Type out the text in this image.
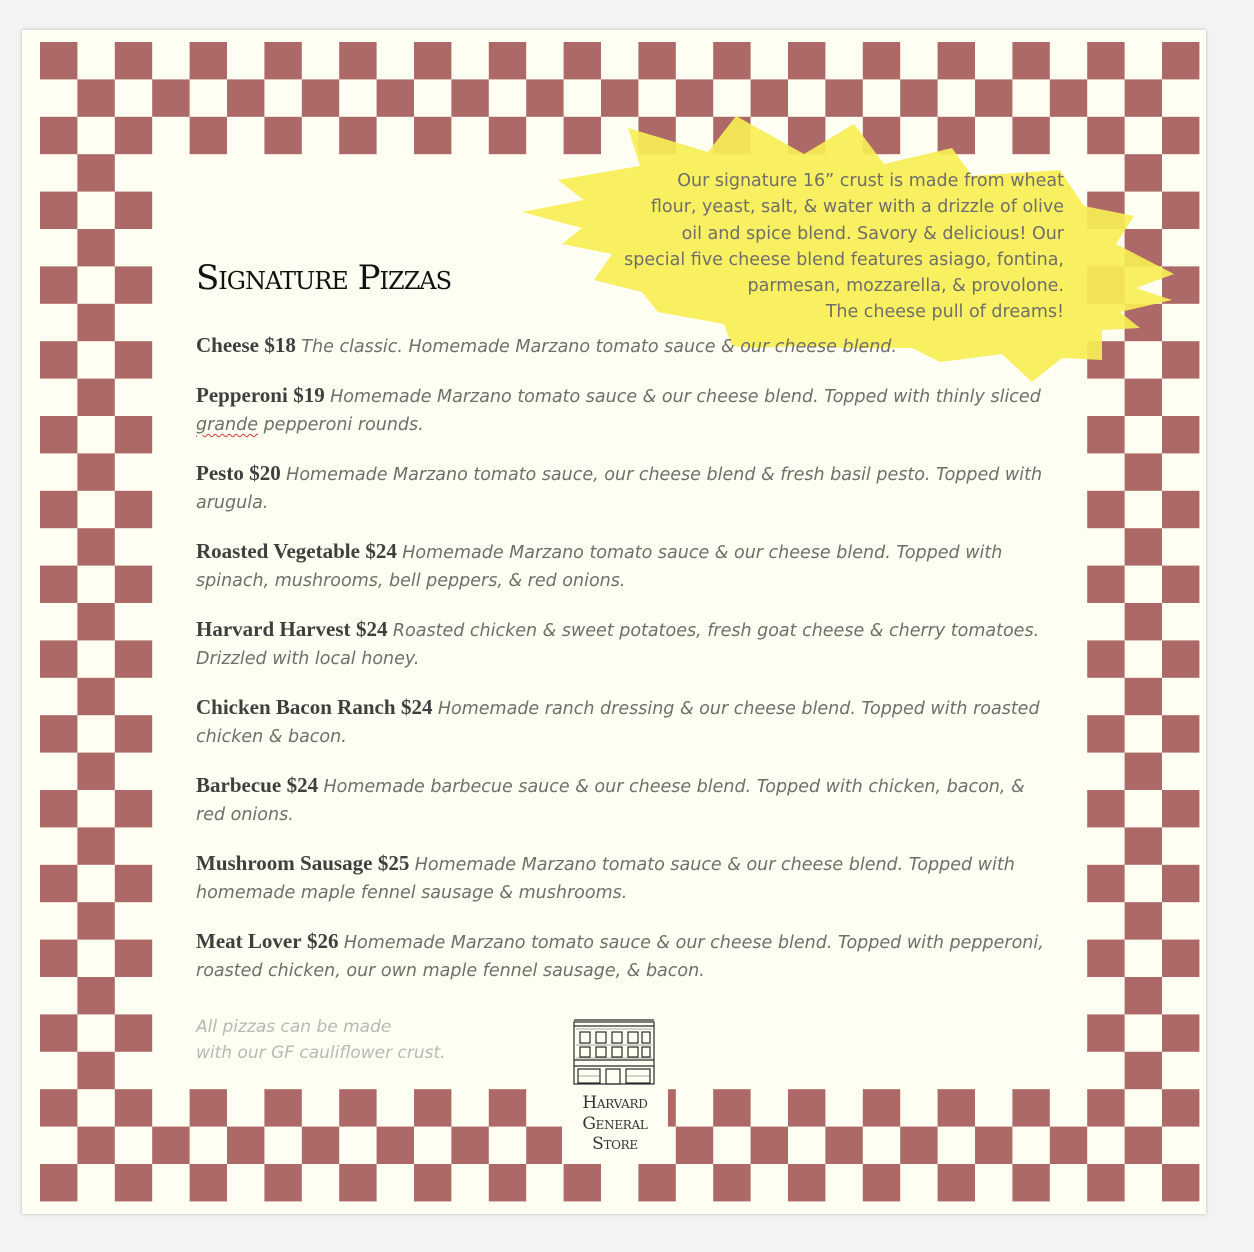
Our signature 16” crust is made from wheat
flour, yeast, salt, & water with a drizzle of olive
oil and spice blend. Savory & delicious! Our
special five cheese blend features asiago, fontina,
parmesan, mozzarella, & provolone.
The cheese pull of dreams!

Signature Pizzas
Cheese $18 The classic. Homemade Marzano tomato sauce & our cheese blend.
Pepperoni $19 Homemade Marzano tomato sauce & our cheese blend. Topped with thinly sliced grande pepperoni rounds.
Pesto $20 Homemade Marzano tomato sauce, our cheese blend & fresh basil pesto. Topped with arugula.
Roasted Vegetable $24 Homemade Marzano tomato sauce & our cheese blend. Topped with spinach, mushrooms, bell peppers, & red onions.
Harvard Harvest $24 Roasted chicken & sweet potatoes, fresh goat cheese & cherry tomatoes. Drizzled with local honey.
Chicken Bacon Ranch $24 Homemade ranch dressing & our cheese blend. Topped with roasted chicken & bacon.
Barbecue $24 Homemade barbecue sauce & our cheese blend. Topped with chicken, bacon, & red onions.
Mushroom Sausage $25 Homemade Marzano tomato sauce & our cheese blend. Topped with homemade maple fennel sausage & mushrooms.
Meat Lover $26 Homemade Marzano tomato sauce & our cheese blend. Topped with pepperoni, roasted chicken, our own maple fennel sausage, & bacon.

All pizzas can be made
with our GF cauliflower crust.

Harvard
General
Store
